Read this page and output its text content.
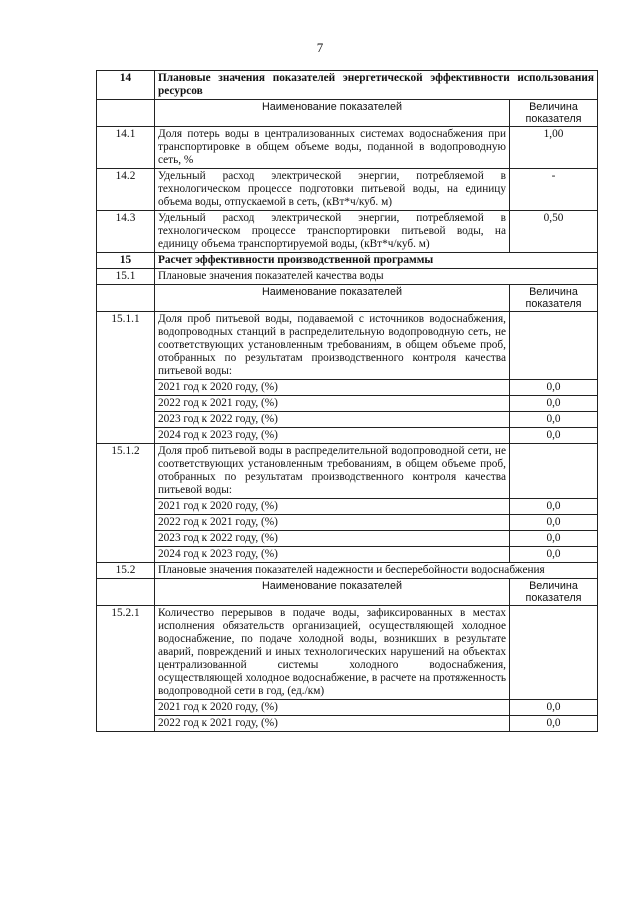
7
14	Плановые значения показателей энергетической эффективности использования ресурсов	
	Наименование показателей	Величина показателя
14.1	Доля потерь воды в централизованных системах водоснабжения при транспортировке в общем объеме воды, поданной в водопроводную сеть, %	1,00
14.2	Удельный расход электрической энергии, потребляемой в технологическом процессе подготовки питьевой воды, на единицу объема воды, отпускаемой в сеть, (кВт*ч/куб. м)	-
14.3	Удельный расход электрической энергии, потребляемой в технологическом процессе транспортировки питьевой воды, на единицу объема транспортируемой воды, (кВт*ч/куб. м)	0,50
15	Расчет эффективности производственной программы	
15.1	Плановые значения показателей качества воды	
	Наименование показателей	Величина показателя
15.1.1	Доля проб питьевой воды, подаваемой с источников водоснабжения, водопроводных станций в распределительную водопроводную сеть, не соответствующих установленным требованиям, в общем объеме проб, отобранных по результатам производственного контроля качества питьевой воды:	
	2021 год к 2020 году, (%)	0,0
	2022 год к 2021 году, (%)	0,0
	2023 год к 2022 году, (%)	0,0
	2024 год к 2023 году, (%)	0,0
15.1.2	Доля проб питьевой воды в распределительной водопроводной сети, не соответствующих установленным требованиям, в общем объеме проб, отобранных по результатам производственного контроля качества питьевой воды:	
	2021 год к 2020 году, (%)	0,0
	2022 год к 2021 году, (%)	0,0
	2023 год к 2022 году, (%)	0,0
	2024 год к 2023 году, (%)	0,0
15.2	Плановые значения показателей надежности и бесперебойности водоснабжения	
	Наименование показателей	Величина показателя
15.2.1	Количество перерывов в подаче воды, зафиксированных в местах исполнения обязательств организацией, осуществляющей холодное водоснабжение, по подаче холодной воды, возникших в результате аварий, повреждений и иных технологических нарушений на объектах централизованной системы холодного водоснабжения, осуществляющей холодное водоснабжение, в расчете на протяженность водопроводной сети в год, (ед./км)	
	2021 год к 2020 году, (%)	0,0
	2022 год к 2021 году, (%)	0,0
